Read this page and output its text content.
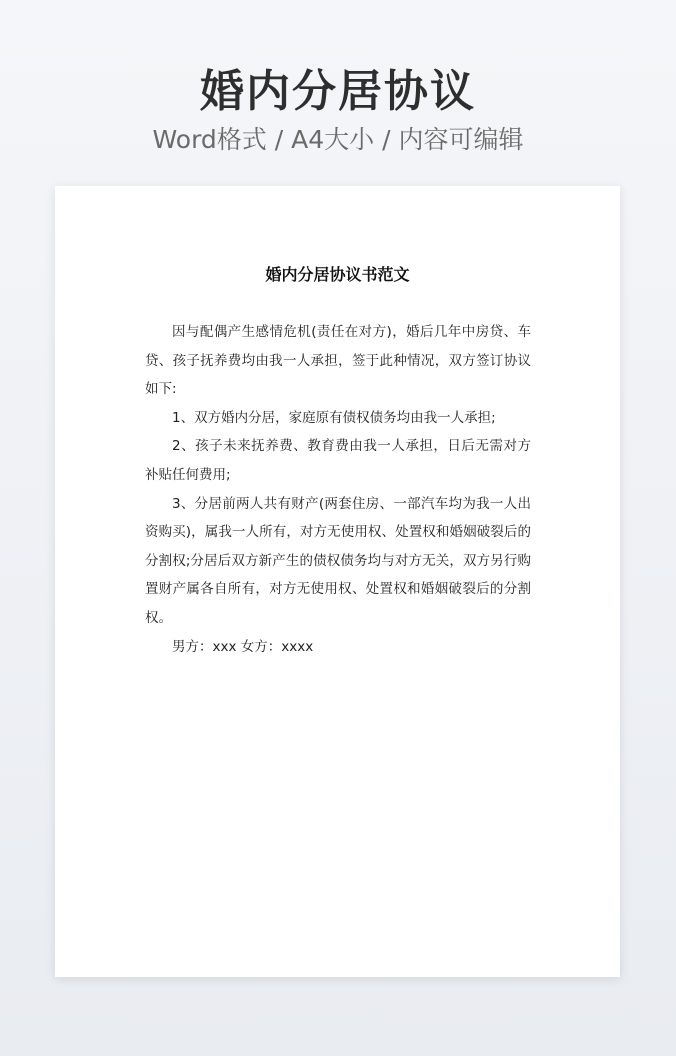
婚内分居协议
Word格式 / A4大小 / 内容可编辑
婚内分居协议书范文

因与配偶产生感情危机(责任在对方)，婚后几年中房贷、车贷、孩子抚养费均由我一人承担，签于此种情况，双方签订协议如下:

1、双方婚内分居，家庭原有债权债务均由我一人承担;

2、孩子未来抚养费、教育费由我一人承担，日后无需对方补贴任何费用;

3、分居前两人共有财产(两套住房、一部汽车均为我一人出资购买)，属我一人所有，对方无使用权、处置权和婚姻破裂后的分割权;分居后双方新产生的债权债务均与对方无关，双方另行购置财产属各自所有，对方无使用权、处置权和婚姻破裂后的分割权。

男方：xxx 女方：xxxx
